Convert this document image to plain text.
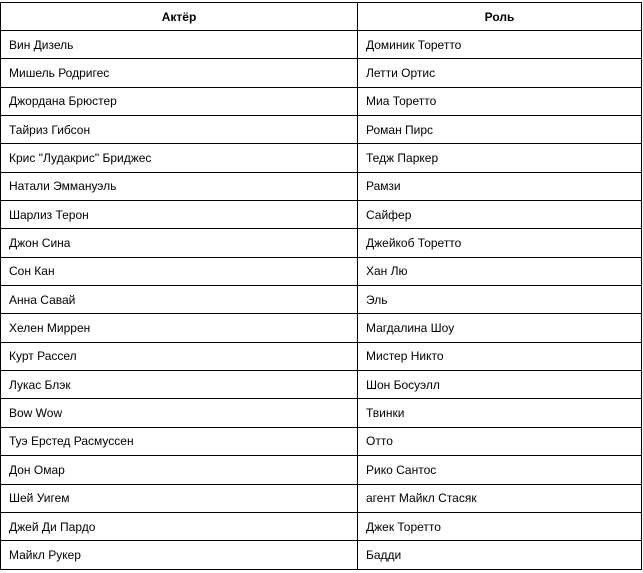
Актёр	Роль
Вин Дизель	Доминик Торетто
Мишель Родригес	Летти Ортис
Джордана Брюстер	Миа Торетто
Тайриз Гибсон	Роман Пирс
Крис "Лудакрис" Бриджес	Тедж Паркер
Натали Эммануэль	Рамзи
Шарлиз Терон	Сайфер
Джон Сина	Джейкоб Торетто
Сон Кан	Хан Лю
Анна Савай	Эль
Хелен Миррен	Магдалина Шоу
Курт Рассел	Мистер Никто
Лукас Блэк	Шон Босуэлл
Bow Wow	Твинки
Туэ Ерстед Расмуссен	Отто
Дон Омар	Рико Сантос
Шей Уигем	агент Майкл Стасяк
Джей Ди Пардо	Джек Торетто
Майкл Рукер	Бадди
